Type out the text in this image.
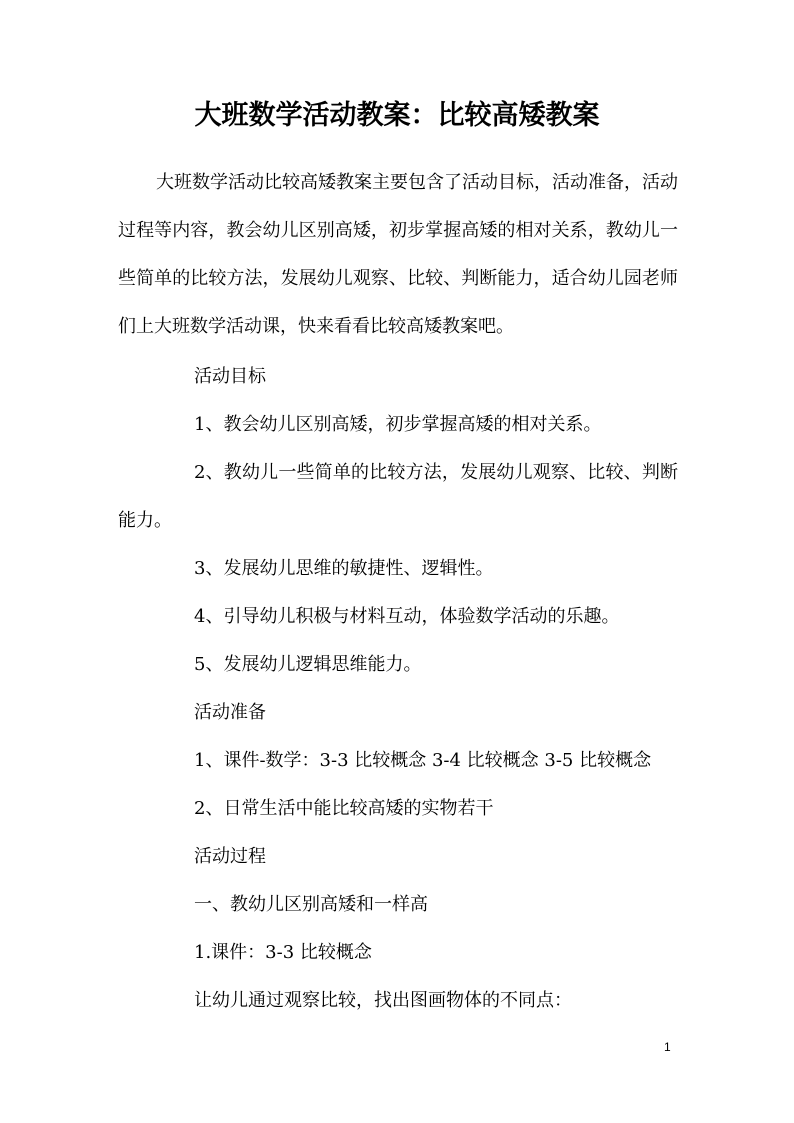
大班数学活动教案：比较高矮教案

大班数学活动比较高矮教案主要包含了活动目标，活动准备，活动过程等内容，教会幼儿区别高矮，初步掌握高矮的相对关系，教幼儿一些简单的比较方法，发展幼儿观察、比较、判断能力，适合幼儿园老师们上大班数学活动课，快来看看比较高矮教案吧。

活动目标

1、教会幼儿区别高矮，初步掌握高矮的相对关系。

2、教幼儿一些简单的比较方法，发展幼儿观察、比较、判断能力。

3、发展幼儿思维的敏捷性、逻辑性。

4、引导幼儿积极与材料互动，体验数学活动的乐趣。

5、发展幼儿逻辑思维能力。

活动准备

1、课件-数学：3-3 比较概念 3-4 比较概念 3-5 比较概念

2、日常生活中能比较高矮的实物若干

活动过程

一、教幼儿区别高矮和一样高

1.课件：3-3 比较概念

让幼儿通过观察比较，找出图画物体的不同点：

1
